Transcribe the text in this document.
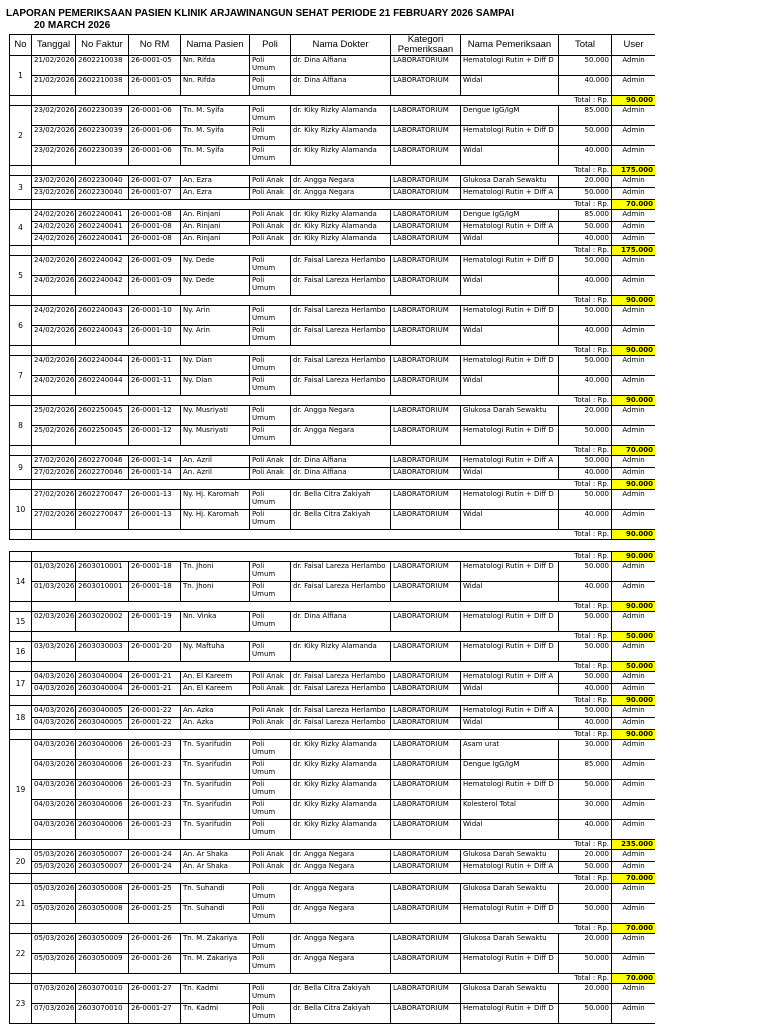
LAPORAN PEMERIKSAAN PASIEN KLINIK ARJAWINANGUN SEHAT PERIODE 21 FEBRUARY 2026 SAMPAI
20 MARCH 2026
No	Tanggal	No Faktur	No RM	Nama Pasien	Poli	Nama Dokter	Kategori Pemeriksaan	Nama Pemeriksaan	Total	User
1	21/02/2026	2602210038	26-0001-05	Nn. Rifda	Poli Umum	dr. Dina Alfiana	LABORATORIUM	Hematologi Rutin + Diff D	50.000	Admin
	21/02/2026	2602210038	26-0001-05	Nn. Rifda	Poli Umum	dr. Dina Alfiana	LABORATORIUM	Widal	40.000	Admin
									Total : Rp.	90.000
2	23/02/2026	2602230039	26-0001-06	Tn. M. Syifa	Poli Umum	dr. Kiky Rizky Alamanda	LABORATORIUM	Dengue IgG/IgM	85.000	Admin
	23/02/2026	2602230039	26-0001-06	Tn. M. Syifa	Poli Umum	dr. Kiky Rizky Alamanda	LABORATORIUM	Hematologi Rutin + Diff D	50.000	Admin
	23/02/2026	2602230039	26-0001-06	Tn. M. Syifa	Poli Umum	dr. Kiky Rizky Alamanda	LABORATORIUM	Widal	40.000	Admin
									Total : Rp.	175.000
3	23/02/2026	2602230040	26-0001-07	An. Ezra	Poli Anak	dr. Angga Negara	LABORATORIUM	Glukosa Darah Sewaktu	20.000	Admin
	23/02/2026	2602230040	26-0001-07	An. Ezra	Poli Anak	dr. Angga Negara	LABORATORIUM	Hematologi Rutin + Diff A	50.000	Admin
									Total : Rp.	70.000
4	24/02/2026	2602240041	26-0001-08	An. Rinjani	Poli Anak	dr. Kiky Rizky Alamanda	LABORATORIUM	Dengue IgG/IgM	85.000	Admin
	24/02/2026	2602240041	26-0001-08	An. Rinjani	Poli Anak	dr. Kiky Rizky Alamanda	LABORATORIUM	Hematologi Rutin + Diff A	50.000	Admin
	24/02/2026	2602240041	26-0001-08	An. Rinjani	Poli Anak	dr. Kiky Rizky Alamanda	LABORATORIUM	Widal	40.000	Admin
									Total : Rp.	175.000
5	24/02/2026	2602240042	26-0001-09	Ny. Dede	Poli Umum	dr. Faisal Lareza Herlambo	LABORATORIUM	Hematologi Rutin + Diff D	50.000	Admin
	24/02/2026	2602240042	26-0001-09	Ny. Dede	Poli Umum	dr. Faisal Lareza Herlambo	LABORATORIUM	Widal	40.000	Admin
									Total : Rp.	90.000
6	24/02/2026	2602240043	26-0001-10	Ny. Arin	Poli Umum	dr. Faisal Lareza Herlambo	LABORATORIUM	Hematologi Rutin + Diff D	50.000	Admin
	24/02/2026	2602240043	26-0001-10	Ny. Arin	Poli Umum	dr. Faisal Lareza Herlambo	LABORATORIUM	Widal	40.000	Admin
									Total : Rp.	90.000
7	24/02/2026	2602240044	26-0001-11	Ny. Dian	Poli Umum	dr. Faisal Lareza Herlambo	LABORATORIUM	Hematologi Rutin + Diff D	50.000	Admin
	24/02/2026	2602240044	26-0001-11	Ny. Dian	Poli Umum	dr. Faisal Lareza Herlambo	LABORATORIUM	Widal	40.000	Admin
									Total : Rp.	90.000
8	25/02/2026	2602250045	26-0001-12	Ny. Musriyati	Poli Umum	dr. Angga Negara	LABORATORIUM	Glukosa Darah Sewaktu	20.000	Admin
	25/02/2026	2602250045	26-0001-12	Ny. Musriyati	Poli Umum	dr. Angga Negara	LABORATORIUM	Hematologi Rutin + Diff D	50.000	Admin
									Total : Rp.	70.000
9	27/02/2026	2602270046	26-0001-14	An. Azril	Poli Anak	dr. Dina Alfiana	LABORATORIUM	Hematologi Rutin + Diff A	50.000	Admin
	27/02/2026	2602270046	26-0001-14	An. Azril	Poli Anak	dr. Dina Alfiana	LABORATORIUM	Widal	40.000	Admin
									Total : Rp.	90.000
10	27/02/2026	2602270047	26-0001-13	Ny. Hj. Karomah	Poli Umum	dr. Bella Citra Zakiyah	LABORATORIUM	Hematologi Rutin + Diff D	50.000	Admin
	27/02/2026	2602270047	26-0001-13	Ny. Hj. Karomah	Poli Umum	dr. Bella Citra Zakiyah	LABORATORIUM	Widal	40.000	Admin
									Total : Rp.	90.000

									Total : Rp.	90.000
14	01/03/2026	2603010001	26-0001-18	Tn. Jhoni	Poli Umum	dr. Faisal Lareza Herlambo	LABORATORIUM	Hematologi Rutin + Diff D	50.000	Admin
	01/03/2026	2603010001	26-0001-18	Tn. Jhoni	Poli Umum	dr. Faisal Lareza Herlambo	LABORATORIUM	Widal	40.000	Admin
									Total : Rp.	90.000
15	02/03/2026	2603020002	26-0001-19	Nn. Vinka	Poli Umum	dr. Dina Alfiana	LABORATORIUM	Hematologi Rutin + Diff D	50.000	Admin
									Total : Rp.	50.000
16	03/03/2026	2603030003	26-0001-20	Ny. Maftuha	Poli Umum	dr. Kiky Rizky Alamanda	LABORATORIUM	Hematologi Rutin + Diff D	50.000	Admin
									Total : Rp.	50.000
17	04/03/2026	2603040004	26-0001-21	An. El Kareem	Poli Anak	dr. Faisal Lareza Herlambo	LABORATORIUM	Hematologi Rutin + Diff A	50.000	Admin
	04/03/2026	2603040004	26-0001-21	An. El Kareem	Poli Anak	dr. Faisal Lareza Herlambo	LABORATORIUM	Widal	40.000	Admin
									Total : Rp.	90.000
18	04/03/2026	2603040005	26-0001-22	An. Azka	Poli Anak	dr. Faisal Lareza Herlambo	LABORATORIUM	Hematologi Rutin + Diff A	50.000	Admin
	04/03/2026	2603040005	26-0001-22	An. Azka	Poli Anak	dr. Faisal Lareza Herlambo	LABORATORIUM	Widal	40.000	Admin
									Total : Rp.	90.000
19	04/03/2026	2603040006	26-0001-23	Tn. Syarifudin	Poli Umum	dr. Kiky Rizky Alamanda	LABORATORIUM	Asam urat	30.000	Admin
	04/03/2026	2603040006	26-0001-23	Tn. Syarifudin	Poli Umum	dr. Kiky Rizky Alamanda	LABORATORIUM	Dengue IgG/IgM	85.000	Admin
	04/03/2026	2603040006	26-0001-23	Tn. Syarifudin	Poli Umum	dr. Kiky Rizky Alamanda	LABORATORIUM	Hematologi Rutin + Diff D	50.000	Admin
	04/03/2026	2603040006	26-0001-23	Tn. Syarifudin	Poli Umum	dr. Kiky Rizky Alamanda	LABORATORIUM	Kolesterol Total	30.000	Admin
	04/03/2026	2603040006	26-0001-23	Tn. Syarifudin	Poli Umum	dr. Kiky Rizky Alamanda	LABORATORIUM	Widal	40.000	Admin
									Total : Rp.	235.000
20	05/03/2026	2603050007	26-0001-24	An. Ar Shaka	Poli Anak	dr. Angga Negara	LABORATORIUM	Glukosa Darah Sewaktu	20.000	Admin
	05/03/2026	2603050007	26-0001-24	An. Ar Shaka	Poli Anak	dr. Angga Negara	LABORATORIUM	Hematologi Rutin + Diff A	50.000	Admin
									Total : Rp.	70.000
21	05/03/2026	2603050008	26-0001-25	Tn. Suhandi	Poli Umum	dr. Angga Negara	LABORATORIUM	Glukosa Darah Sewaktu	20.000	Admin
	05/03/2026	2603050008	26-0001-25	Tn. Suhandi	Poli Umum	dr. Angga Negara	LABORATORIUM	Hematologi Rutin + Diff D	50.000	Admin
									Total : Rp.	70.000
22	05/03/2026	2603050009	26-0001-26	Tn. M. Zakariya	Poli Umum	dr. Angga Negara	LABORATORIUM	Glukosa Darah Sewaktu	20.000	Admin
	05/03/2026	2603050009	26-0001-26	Tn. M. Zakariya	Poli Umum	dr. Angga Negara	LABORATORIUM	Hematologi Rutin + Diff D	50.000	Admin
									Total : Rp.	70.000
23	07/03/2026	2603070010	26-0001-27	Tn. Kadmi	Poli Umum	dr. Bella Citra Zakiyah	LABORATORIUM	Glukosa Darah Sewaktu	20.000	Admin
	07/03/2026	2603070010	26-0001-27	Tn. Kadmi	Poli Umum	dr. Bella Citra Zakiyah	LABORATORIUM	Hematologi Rutin + Diff D	50.000	Admin
